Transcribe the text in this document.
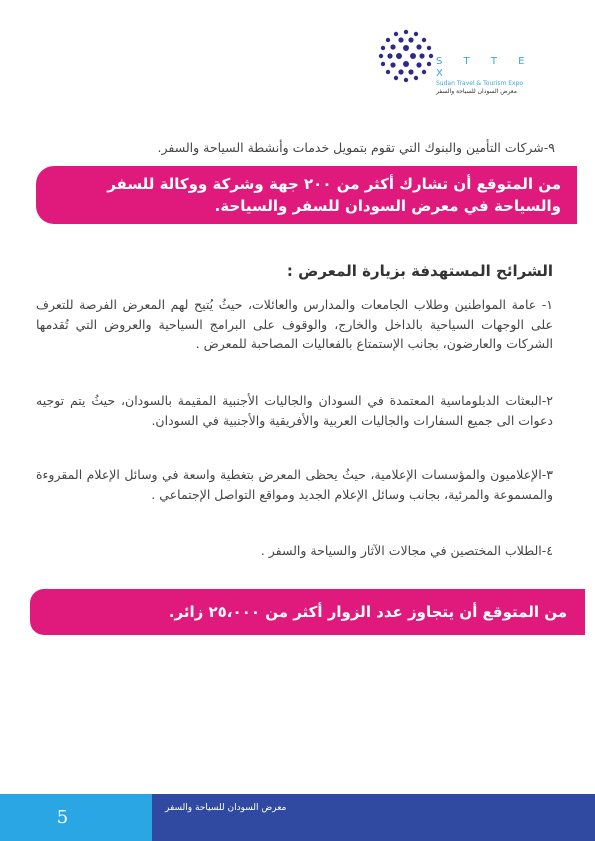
S T T E X
Sudan Travel & Tourism Expo
معرض السودان للسياحة والسفر
٩-شركات التأمين والبنوك التي تقوم بتمويل خدمات وأنشطة السياحة والسفر.
من المتوقع أن تشارك أكثر من ٢٠٠ جهة وشركة ووكالة للسفر والسياحة في معرض السودان للسفر والسياحة.
الشرائح المستهدفة بزيارة المعرض :
١- عامة المواطنين وطلاب الجامعات والمدارس والعائلات، حيثُ يُتيح لهم المعرض الفرصة للتعرف على الوجهات السياحية بالداخل والخارج، والوقوف على البرامج السياحية والعروض التي تُقدمها الشركات والعارضون، بجانب الإستمتاع بالفعاليات المصاحبة للمعرض .
٢-البعثات الدبلوماسية المعتمدة في السودان والجاليات الأجنبية المقيمة بالسودان، حيثُ يتم توجيه دعوات الى جميع السفارات والجاليات العربية والأفريقية والأجنبية في السودان.
٣-الإعلاميون والمؤسسات الإعلامية، حيثُ يحظى المعرض بتغطية واسعة في وسائل الإعلام المقروءة والمسموعة والمرئية، بجانب وسائل الإعلام الجديد ومواقع التواصل الإجتماعي .
٤-الطلاب المختصين في مجالات الآثار والسياحة والسفر .
من المتوقع أن يتجاوز عدد الزوار أكثر من ٢٥،٠٠٠ زائر.
5	معرض السودان للسياحة والسفر
